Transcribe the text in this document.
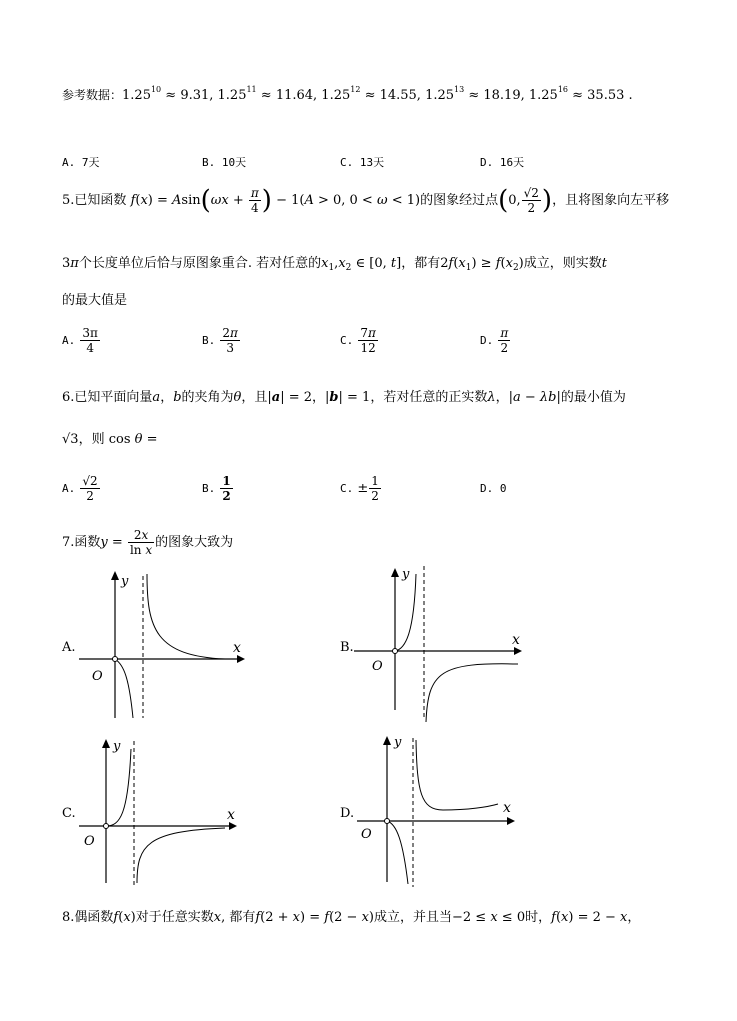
参考数据：$1.25^{10} \approx 9.31$, $1.25^{11} \approx 11.64$, $1.25^{12} \approx 14.55$, $1.25^{13} \approx 18.19$, $1.25^{16} \approx 35.53$ .
A. 7天	B. 10天	C. 13天	D. 16天
5.已知函数 $f(x) = Asin(\omega x + \frac{\pi}{4}$ ) − 1(A > 0, 0 < ω < 1)的图象经过点(0, $\frac{√2}{2}$ )，且将图象向左平移
3π个长度单位后恰与原图象重合. 若对任意的$x_1,x_2$ ∈ [0, t]，都有$2f(x_1) \ge f(x_2)$成立，则实数t
的最大值是
A. $\frac{3\pi}{4}$	B. $\frac{2\pi}{3}$	C. $\frac{7\pi}{12}$	D. $\frac{\pi}{2}$
6.已知平面向量a，b的夹角为θ，且|a| = 2，|b| = 1，若对任意的正实数λ，|a − λb|的最小值为
√3，则 cos θ =
A. $\frac{√2}{2}$	B. $\frac{1}{2}$	C. ± $\frac{1}{2}$	D. 0
7.函数$y = \frac{2x}{\text{ln x}}$ 的图象大致为
A.
y
x
O
B.
y
x
O
C.
y
x
O
D.
y
x
O
8.偶函数f(x)对于任意实数x, 都有f(2 + x) = f(2 − x)成立，并且当−2 ≤ x ≤ 0时，f(x) = 2 − x，
